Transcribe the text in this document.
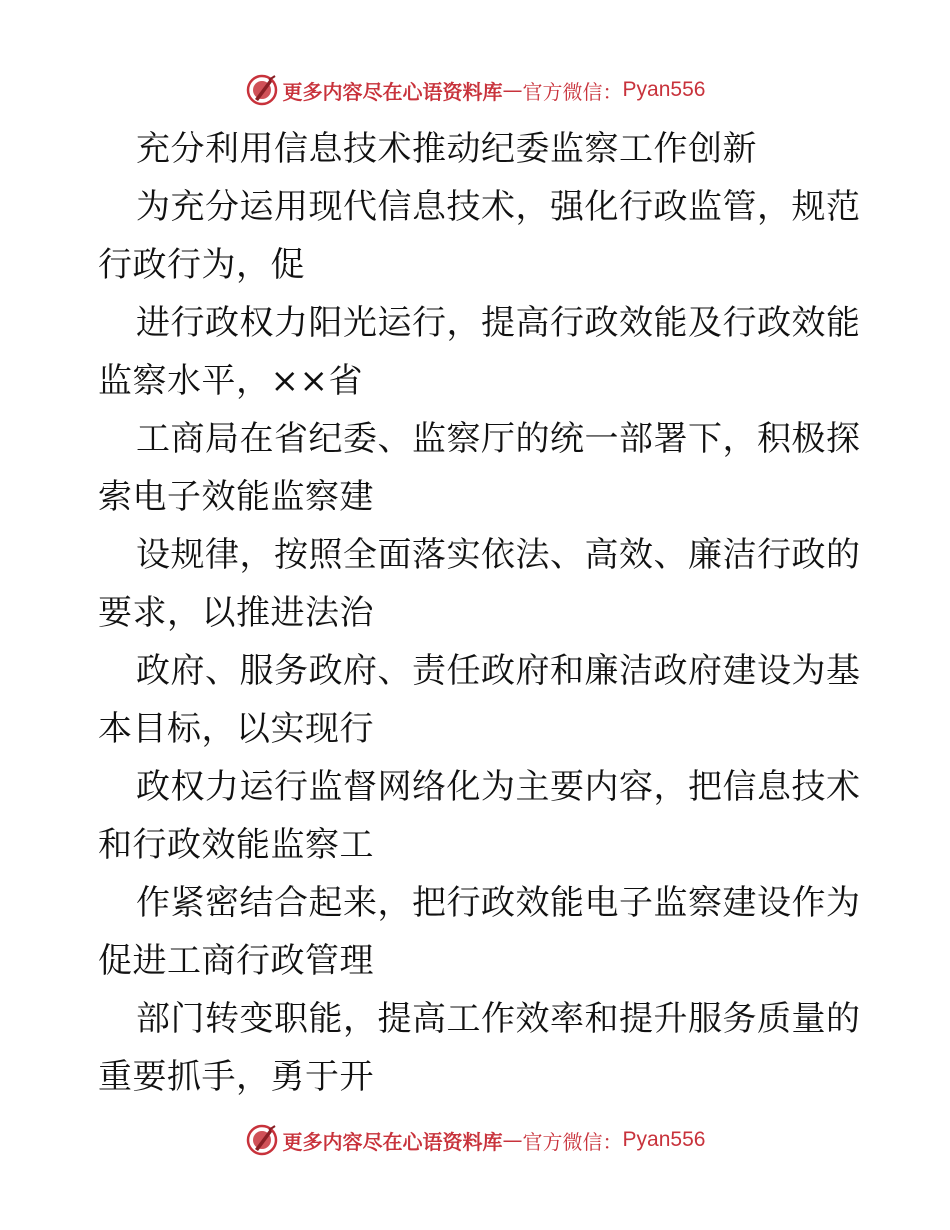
更多内容尽在心语资料库 — 官方微信： Pyan556

充分利用信息技术推动纪委监察工作创新

为充分运用现代信息技术，强化行政监管，规范

行政行为，促

进行政权力阳光运行，提高行政效能及行政效能

监察水平，××省

工商局在省纪委、监察厅的统一部署下，积极探

索电子效能监察建

设规律，按照全面落实依法、高效、廉洁行政的

要求，以推进法治

政府、服务政府、责任政府和廉洁政府建设为基

本目标，以实现行

政权力运行监督网络化为主要内容，把信息技术

和行政效能监察工

作紧密结合起来，把行政效能电子监察建设作为

促进工商行政管理

部门转变职能，提高工作效率和提升服务质量的

重要抓手，勇于开

更多内容尽在心语资料库 — 官方微信： Pyan556
